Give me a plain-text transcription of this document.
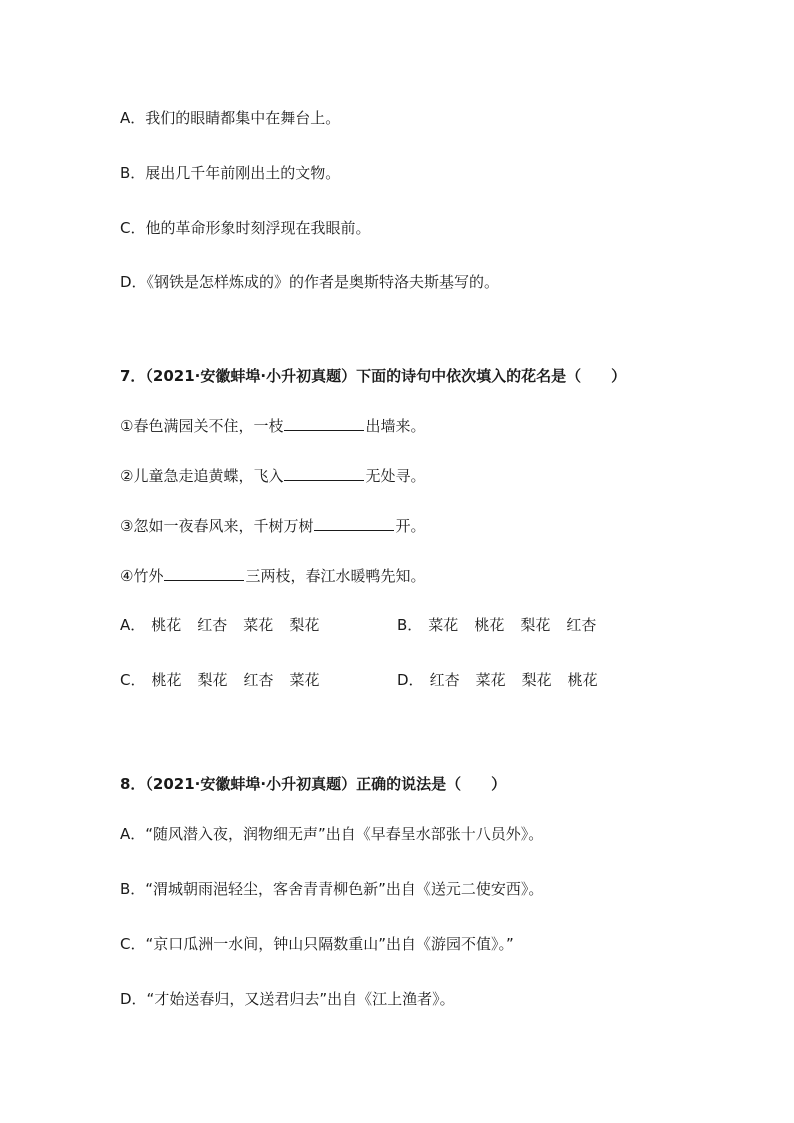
A．我们的眼睛都集中在舞台上。
B．展出几千年前刚出土的文物。
C．他的革命形象时刻浮现在我眼前。
D．《钢铁是怎样炼成的》的作者是奥斯特洛夫斯基写的。
7．（2021·安徽蚌埠·小升初真题）下面的诗句中依次填入的花名是（　　）
①春色满园关不住，一枝	出墙来。
②儿童急走追黄蝶，飞入	无处寻。
③忽如一夜春风来，千树万树	开。
④竹外	三两枝，春江水暖鸭先知。
A． 桃花 红杏 菜花 梨花	B． 菜花 桃花 梨花 红杏
C． 桃花 梨花 红杏 菜花	D． 红杏 菜花 梨花 桃花
8．（2021·安徽蚌埠·小升初真题）正确的说法是（　　）
A．“随风潜入夜，润物细无声”出自《早春呈水部张十八员外》。
B．“渭城朝雨浥轻尘，客舍青青柳色新”出自《送元二使安西》。
C．“京口瓜洲一水间，钟山只隔数重山”出自《游园不值》。”
D．“才始送春归，又送君归去”出自《江上渔者》。
